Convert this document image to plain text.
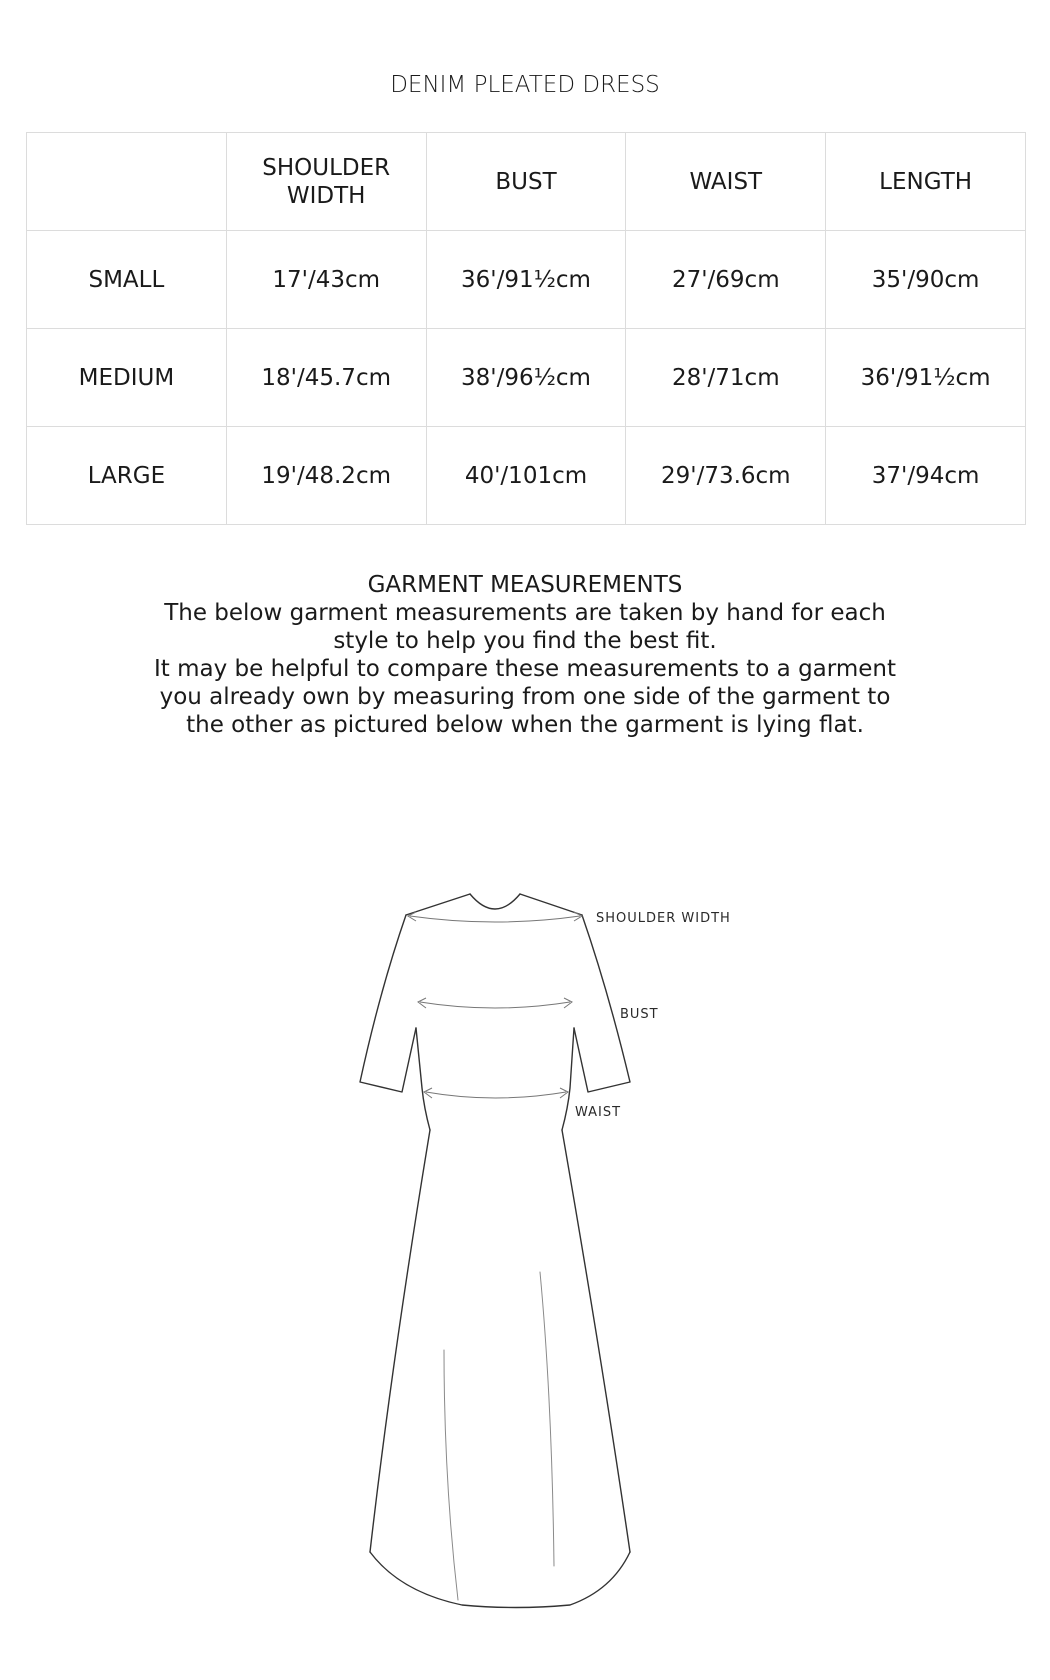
DENIM PLEATED DRESS
	SHOULDER WIDTH	BUST	WAIST	LENGTH
SMALL	17'/43cm	36'/91½cm	27'/69cm	35'/90cm
MEDIUM	18'/45.7cm	38'/96½cm	28'/71cm	36'/91½cm
LARGE	19'/48.2cm	40'/101cm	29'/73.6cm	37'/94cm
GARMENT MEASUREMENTS
The below garment measurements are taken by hand for each style to help you find the best fit.
It may be helpful to compare these measurements to a garment you already own by measuring from one side of the garment to the other as pictured below when the garment is lying flat.
SHOULDER WIDTH
BUST
WAIST
